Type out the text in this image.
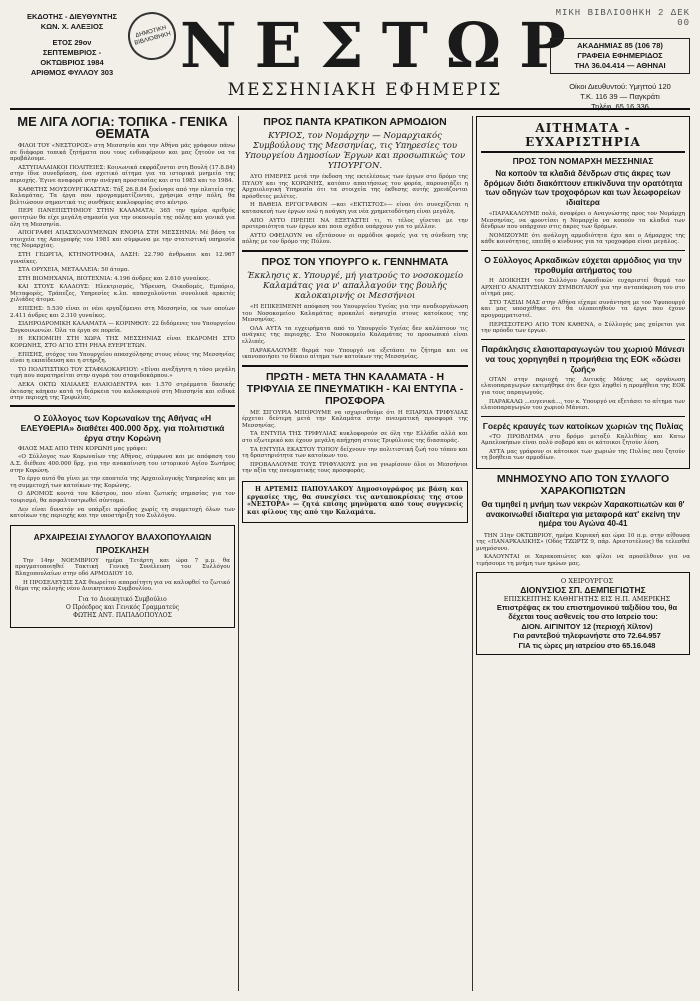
ΕΚΔΟΤΗΣ - ΔΙΕΥΘΥΝΤΗΣ
ΚΩΝ. Χ. ΑΛΕΞΙΟΣ
ΕΤΟΣ 29ον
ΣΕΠΤΕΜΒΡΙΟΣ -
ΟΚΤΩΒΡΙΟΣ 1984
ΑΡΙΘΜΟΣ ΦΥΛΛΟΥ 303
ΔΗΜΟΤΙΚΗ ΒΙΒΛΙΟΘΗΚΗ ΝΕΣΤΩΡ
ΜΕΣΣΗΝΙΑΚΗ ΕΦΗΜΕΡΙΣ
ΜΙΚΗ ΒΙΒΛΙΟΘΗΚΗ 2 ΔΕΚ 00
ΑΚΑΔΗΜΙΑΣ 85 (106 78)
ΓΡΑΦΕΙΑ ΕΦΗΜΕΡΙΔΟΣ
ΤΗΛ 36.04.414 — ΑΘΗΝΑΙ
Οίκοι Διευθυντού: Υμηττού 120
Τ.Κ. 116 39 — Παγκράτι
Τηλέφ. 65.16.336
ΜΕ ΛΙΓΑ ΛΟΓΙΑ: ΤΟΠΙΚΑ - ΓΕΝΙΚΑ ΘΕΜΑΤΑ

ΦΙΛΟΙ ΤΟΥ «ΝΕΣΤΟΡΟΣ» στη Μεσσηνία και την Αθήνα μάς γράφουν πάνω σε διάφορα τοπικά ζητήματα που τους ενδιαφέρουν και μας ζητούν να τα προβάλουμε.

ΑΣΤΥΠΑΛΑΙΑΚΟΙ ΠΟΛΙΤΕΙΕΣ: Κοινωνικά εκφράζονται στη Βουλή (17.8.84) στην ίδια συνεδρίαση, ένα σχετικό αίτημα για τα ιστορικά μνημεία της περιοχής. Έγινε αναφορά στην ανάγκη προστασίας και στο 1983 και το 1984.

ΚΑΘΕΤΗΣ ΜΟΥΣΟΥΡΓΙΚΑΣΤΑΣ: Τάξ 26.8.84 ξεκίνησε από την πλατεία της Καλαμάτας. Τα έργα που προγραμματίζονται, χρήσιμα στην πόλη, θα βελτιώσουν σημαντικά τις συνθήκες κυκλοφορίας στο κέντρο.

ΠΕΡΙ ΠΑΝΕΠΙΣΤΗΜΙΟΥ ΣΤΗΝ ΚΑΛΑΜΑΤΑ: 365 την ημέρα αριθμός φοιτητών θα είχε μεγάλη σημασία για την οικονομία της πόλης και γενικά για όλη τη Μεσσηνία.

ΑΠΟΓΡΑΦΗ ΑΠΑΣΧΟΛΟΥΜΕΝΩΝ ΕΝΟΡΙΑ ΣΤΗ ΜΕΣΣΗΝΙΑ: Μέ βάση τα στοιχεία της Απογραφής του 1981 και σύμφωνα με την στατιστική υπηρεσία της Νομαρχίας.

ΣΤΗ ΓΕΩΡΓΙΑ, ΚΤΗΝΟΤΡΟΦΙΑ, ΔΑΣΗ: 22.790 άνθρωποι και 12.967 γυναίκες.

ΣΤΑ ΟΡΥΧΕΙΑ, ΜΕΤΑΛΛΕΙΑ: 50 άτομα.

ΣΤΗ ΒΙΟΜΗΧΑΝΙΑ, ΒΙΟΤΕΧΝΙΑ: 4.196 άνδρες και 2.610 γυναίκες.

ΚΑΙ ΣΤΟΥΣ ΚΛΑΔΟΥΣ: Ηλεκτρισμός, Ύδρευση, Οικοδομές, Εμπόριο, Μεταφορές, Τράπεζες, Υπηρεσίες κ.λπ. απασχολούνται συνολικά αρκετές χιλιάδες άτομα.

ΕΠΙΣΗΣ: 5.530 είναι οι νέοι εργαζόμενοι στη Μεσσηνία, εκ των οποίων 2.411 άνδρες και 2.310 γυναίκες.

ΣΙΔΗΡΟΔΡΟΜΙΚΗ ΚΑΛΑΜΑΤΑ — ΚΟΡΙΝΘΟΥ: 22 διδόμενες του Υπουργείου Συγκοινωνιών. Όλα τα έργα σε πορεία.

Η ΕΚΠΟΜΠΗ ΣΤΗ ΧΩΡΑ ΤΗΣ ΜΕΣΣΗΝΙΑΣ είναι ΕΚΔΡΟΜΗ ΣΤΟ ΚΟΡΩΝΗΣ, ΣΤΟ ΑΓΙΟ ΣΤΗ ΡΗΛΑ ΕΥΕΡΓΕΤΩΝ.

ΕΠΙΣΗΣ, στόχος του Υπουργείου απασχόλησης στους νέους της Μεσσηνίας είναι η εκπαίδευση και η στήριξη.

ΤΟ ΠΟΛΙΤΙΣΤΙΚΟ ΤΟΥ ΣΤΑΦΙΔΟΚΑΡΠΟΥ: «Είναι ανεξήγητη η τόσο μεγάλη τιμή που παρατηρείται στην αγορά του σταφιδοκάρπου.»

ΔΕΚΑ ΟΚΤΩ ΧΙΛΙΑΔΕΣ ΕΛΑΙΟΔΕΝΤΡΑ και 1.570 στρέμματα δασικής έκτασης κάηκαν κατά τη διάρκεια του καλοκαιριού στη Μεσσηνία και ειδικά στην περιοχή της Τριφυλίας.

Ο Σύλλογος των Κορωναίων της Αθήνας «Η ΕΛΕΥΘΕΡΙΑ» διαθέτει 400.000 δρχ. για πολιτιστικά έργα στην Κορώνη

ΦΙΛΟΣ ΜΑΣ ΑΠΟ ΤΗΝ ΚΟΡΩΝΗ μας γράφει:

«Ο Σύλλογος των Κορωναίων της Αθήνας, σύμφωνα και με απόφαση του Δ.Σ. διέθεσε 400.000 δρχ. για την ανακαίνιση του ιστορικού Αγίου Σωτήρος στην Κορώνη.

Το έργο αυτό θα γίνει με την εποπτεία της Αρχαιολογικής Υπηρεσίας και με τη συμμετοχή των κατοίκων της Κορώνης.

Ο ΔΡΟΜΟΣ κοντά του Κάστρου, που είναι ζωτικής σημασίας για τον τουρισμό, θα ασφαλτοστρωθεί σύντομα.

Δεν είναι δυνατόν να υπάρξει πρόοδος χωρίς τη συμμετοχή όλων των κατοίκων της περιοχής και την υποστήριξη του Συλλόγου.

ΑΡΧΑΙΡΕΣΙΑΙ ΣΥΛΛΟΓΟΥ ΒΛΑΧΟΠΟΥΛΑΙΩΝ
ΠΡΟΣΚΛΗΣΗ

Την 14ην ΝΟΕΜΒΡΙΟΥ ημέρα Τετάρτη και ώρα 7 μ.μ. θα πραγματοποιηθεί Τακτική Γενική Συνέλευση του Συλλόγου Βλαχοπουλαίων στην οδό ΑΡΜΟΔΙΟΥ 10.

Η ΠΡΟΣΕΛΕΥΣΙΣ ΣΑΣ θεωρείται απαραίτητη για να καλυφθεί το ζωτικό θέμα της εκλογής νέου Διοικητικού Συμβουλίου.

Για το Διοικητικό Συμβούλιο
Ο Πρόεδρος και Γενικός Γραμματεύς
ΦΩΤΗΣ ΑΝΤ. ΠΑΠΑΔΟΠΟΥΛΟΣ
ΠΡΟΣ ΠΑΝΤΑ ΚΡΑΤΙΚΟΝ ΑΡΜΟΔΙΟΝ
ΚΥΡΙΟΣ, τον Νομάρχην — Νομαρχιακός Συμβούλους της Μεσσηνίας, τις Υπηρεσίες του Υπουργείου Δημοσίων Έργων και προσωπικώς τον ΥΠΟΥΡΓΟΝ.

ΔΥΟ ΗΜΕΡΕΣ μετά την έκδοση της εκτελέσεως των έργων στο δρόμο της ΠΥΛΟΥ και της ΚΟΡΩΝΗΣ, κατόπιν απαιτήσεως του φορέα, παρουσιάζει η Αρχαιολογική Υπηρεσία ότι τα στοιχεία της έκθεσης αυτής χρειάζονται πρόσθετες μελέτες.

Η ΒΑΘΕΙΑ ΕΡΓΟΓΡΑΦΟΝ —και «ΕΚΤΙΣΤΟΣ»— είναι ότι συνεχίζεται η κατασκευή των έργων ενώ η ανάγκη για νέα χρηματοδότηση είναι μεγάλη.

ΑΠΟ ΑΥΤΟ ΠΡΕΠΕΙ ΝΑ ΕΞΕΤΑΣΤΕΙ τι, τι τέλος γίνεται με την προτεραιότητα των έργων και ποια σχέδια υπάρχουν για το μέλλον.

ΑΥΤΟ ΟΦΕΙΛΟΥΝ να εξετάσουν οι αρμόδιοι φορείς για τη σύνδεση της πόλης με τον δρόμο της Πύλου.

ΠΡΟΣ ΤΟΝ ΥΠΟΥΡΓΟ κ. ΓΕΝΝΗΜΑΤΑ
Έκκλησις κ. Υπουργέ, μή γιατρούς το νοσοκομείο Καλαμάτας για ν' απαλλαγούν της βουλής καλοκαιρινής οι Μεσσήνιοι

«Η ΕΠΙΚΕΙΜΕΝΗ απόφαση του Υπουργείου Υγείας για την αναδιοργάνωση του Νοσοκομείου Καλαμάτας προκαλεί ανησυχία στους κατοίκους της Μεσσηνίας.

ΟΛΑ ΑΥΤΑ τα εγχειρήματα από το Υπουργείο Υγείας δεν καλύπτουν τις ανάγκες της περιοχής. Στο Νοσοκομείο Καλαμάτας το προσωπικό είναι ελλιπές.

ΠΑΡΑΚΑΛΟΥΜΕ θερμά τον Υπουργό να εξετάσει το ζήτημα και να ικανοποιήσει το δίκαιο αίτημα των κατοίκων της Μεσσηνίας.

ΠΡΩΤΗ - ΜΕΤΑ ΤΗΝ ΚΑΛΑΜΑΤΑ - Η ΤΡΙΦΥΛΙΑ ΣΕ ΠΝΕΥΜΑΤΙΚΗ - ΚΑΙ ΕΝΤΥΠΑ - ΠΡΟΣΦΟΡΑ

ΜΕ ΣΙΓΟΥΡΙΑ ΜΠΟΡΟΥΜΕ να ισχυρισθούμε ότι Η ΕΠΑΡΧΙΑ ΤΡΙΦΥΛΙΑΣ έρχεται δεύτερη μετά την Καλαμάτα στην πνευματική προσφορά της Μεσσηνίας.

ΤΑ ΕΝΤΥΠΑ ΤΗΣ ΤΡΙΦΥΛΙΑΣ κυκλοφορούν σε όλη την Ελλάδα αλλά και στο εξωτερικό και έχουν μεγάλη απήχηση στους Τριφύλιους της διασποράς.

ΤΑ ΕΝΤΥΠΑ ΕΚΑΣΤΟΥ ΤΟΠΟΥ δείχνουν την πολιτιστική ζωή του τόπου και τη δραστηριότητα των κατοίκων του.

ΠΡΟΒΑΛΛΟΥΜΕ ΤΟΥΣ ΤΡΙΦΥΛΙΟΥΣ για να γνωρίσουν όλοι οι Μεσσήνιοι την αξία της πνευματικής τους προσφοράς.

Η ΑΡΤΕΜΙΣ ΠΑΠΟΥΛΑΚΟΥ Δημοσιογράφος με βάση και εργασίες της, θα συνεχίσει τις ανταποκρίσεις της στον «ΝΕΣΤΟΡΑ» — ζητά επίσης μηνύματα από τους συγγενείς και φίλους της από την Καλαμάτα.

ΑΙΤΗΜΑΤΑ - ΕΥΧΑΡΙΣΤΗΡΙΑ
ΠΡΟΣ ΤΟΝ ΝΟΜΑΡΧΗ ΜΕΣΣΗΝΙΑΣ
Να κοπούν τα κλαδιά δένδρων στις άκρες των δρόμων διότι διακόπτουν επικίνδυνα την ορατότητα των οδηγών των τροχοφόρων και των λεωφορείων ιδιαίτερα

«ΠΑΡΑΚΑΛΟΥΜΕ πολύ, αναφέρει ο Αναγνώστης προς τον Νομάρχη Μεσσηνίας, να φροντίσει η Νομαρχία να κοπούν τα κλαδιά των δένδρων που υπάρχουν στις άκρες των δρόμων.

ΝΟΜΙΖΟΥΜΕ ότι ανάλογη αρμοδιότητα έχει και ο Δήμαρχος της κάθε κοινότητας, επειδή ο κίνδυνος για τα τροχοφόρα είναι μεγάλος.

Ο Σύλλογος Αρκαδικών εύχεται αρμόδιος για την προθυμία αιτήματος του

Η ΔΙΟΙΚΗΣΗ του Συλλόγου Αρκαδικών ευχαριστεί θερμά τον ΑΡΧΗΓΟ ΑΝΑΠΤΥΞΙΑΚΟΥ ΣΥΜΒΟΥΛΙΟΥ για την ανταπόκριση του στο αίτημά μας.

ΣΤΟ ΤΑΞΙΔΙ ΜΑΣ στην Αθήνα είχαμε συνάντηση με τον Υφυπουργό και μας υποσχέθηκε ότι θα υλοποιηθούν τα έργα που έχουν προγραμματιστεί.

ΠΕΡΙΣΣΟΤΕΡΟ ΑΠΟ ΤΟΝ ΚΑΘΕΝΑ, ο Σύλλογός μας χαίρεται για την πρόοδο των έργων.

Παράκλησις ελαιοπαραγωγών του χωριού Μάνεσι να τους χορηγηθεί η προμήθεια της ΕΟΚ «δώσει ζωής»

ΟΤΑΝ στην περιοχή της Δυτικής Μάνης ως οργάνωση ελαιοπαραγωγών εκτιμήθηκε ότι δεν έχει ληφθεί η προμήθεια της ΕΟΚ για τους παραγωγούς.

ΠΑΡΑΚΑΛΩ ...ευγενικά..., τον κ. Υπουργό να εξετάσει το αίτημα των ελαιοπαραγωγών του χωριού Μάνεσι.

Γοερές κραυγές των κατοίκων χωριών της Πυλίας

«ΤΟ ΠΡΟΒΛΗΜΑ στο δρόμο μεταξύ Καλλιθέας και Κατω Αμπελοκήπων είναι πολύ σοβαρό και οι κάτοικοι ζητούν λύση.

ΑΥΤΑ μας γράφουν οι κάτοικοι των χωριών της Πυλίας που ζητούν τη βοήθεια των αρμοδίων.

ΜΝΗΜΟΣΥΝΟ ΑΠΟ ΤΟΝ ΣΥΛΛΟΓΟ ΧΑΡΑΚΟΠΙΩΤΩΝ
Θα τιμηθεί η μνήμη των νεκρών Χαρακοπιωτών και θ' ανακοινωθεί ιδιαίτερα για μεταφορά κατ' εκείνη την ημέρα του Αγώνα 40-41

ΤΗΝ 31ην ΟΚΤΩΒΡΙΟΥ, ημέρα Κυριακή και ώρα 10 π.μ. στην αίθουσα της «ΠΑΝΑΡΚΑΔΙΚΗΣ» (Οδός ΤΖΩΡΤΖ 9, πάρ. Αριστοτέλους) θα τελεσθεί μνημόσυνο.

ΚΑΛΟΥΝΤΑΙ οι Χαρακοπιώτες και φίλοι να προσέλθουν για να τιμήσουμε τη μνήμη των ηρώων μας.

Ο ΧΕΙΡΟΥΡΓΟΣ

ΔΙΟΝΥΣΙΟΣ ΣΠ. ΔΕΜΠΕΓΙΩΤΗΣ

ΕΠΙΣΚΕΠΤΗΣ ΚΑΘΗΓΗΤΗΣ ΕΙΣ Η.Π. ΑΜΕΡΙΚΗΣ

Επιστρέψας εκ του επιστημονικού ταξιδίου του, θα δέχεται τους ασθενείς του στο Ιατρείο του:

ΔΙΟΝ. ΑΙΓΙΝΙΤΟΥ 12 (περιοχή Χίλτον)

Για ραντεβού τηλεφωνήστε στο 72.64.957

ΓΙΑ τις ώρες μη ιατρείου στο 65.16.048
